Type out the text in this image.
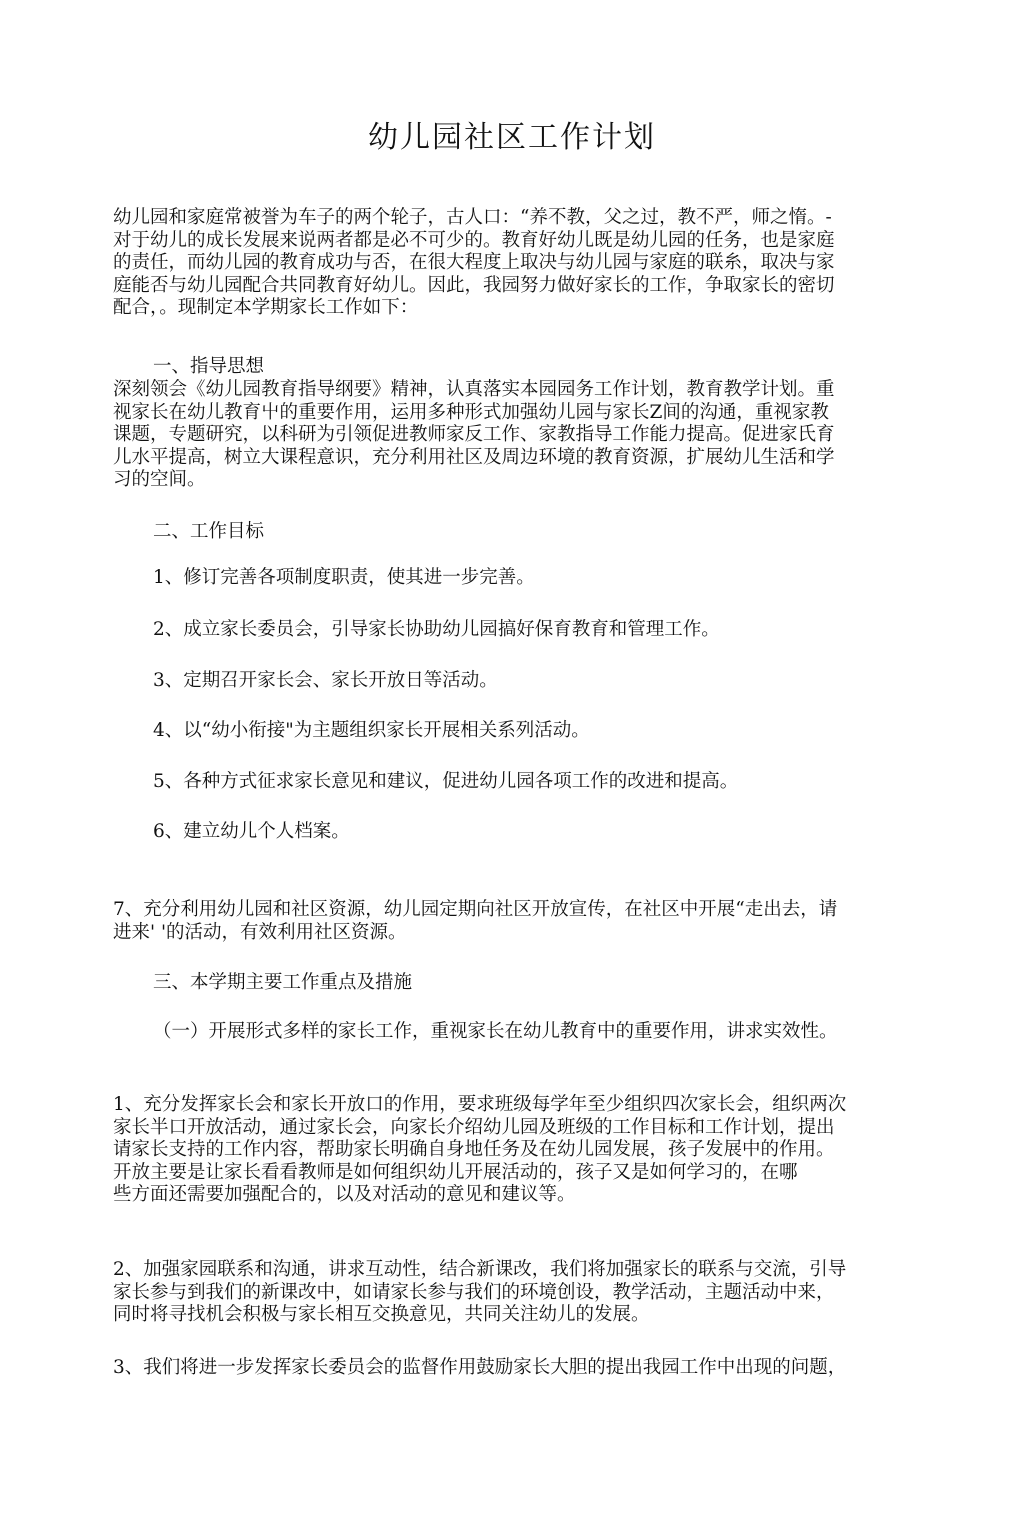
幼儿园社区工作计划
幼儿园和家庭常被誉为车子的两个轮子，古人口：“养不教，父之过，教不严，师之惰。-
对于幼儿的成长发展来说两者都是必不可少的。教育好幼儿既是幼儿园的任务，也是家庭
的责任，而幼儿园的教育成功与否，在很大程度上取决与幼儿园与家庭的联糸，取决与家
庭能否与幼儿园配合共同教育好幼儿。因此，我园努力做好家长的工作，争取家长的密切
配合，。现制定本学期家长工作如下：
一、指导思想
深刻领会《幼儿园教育指导纲要》精神，认真落实本园园务工作计划，教育教学计划。重
视家长在幼儿教育屮的重要作用，运用多种形式加强幼儿园与家长Z间的沟通，重视家教
课题，专题研究，以科研为引领促进教师家反工作、家教指导工作能力提高。促进家氏育
儿水平提高，树立大课程意识，充分利用社区及周边环境的教育资源，扩展幼儿生活和学
习的空间。
二、工作目标
1、修订完善各项制度职责，使其进一步完善。
2、成立家长委员会，引导家长协助幼儿园搞好保育教育和管理工作。
3、定期召开家长会、家长开放日等活动。
4、以“幼小衔接"为主题组织家长开展相关系列活动。
5、各种方式征求家长意见和建议，促进幼儿园各项工作的改进和提高。
6、建立幼儿个人档案。
7、充分利用幼儿园和社区资源，幼儿园定期向社区开放宣传，在社区中开展“走出去，请
进来' '的活动，有效利用社区资源。
三、本学期主要工作重点及措施
（一）开展形式多样的家长工作，重视家长在幼儿教育中的重要作用，讲求实效性。
1、充分发挥家长会和家长开放口的作用，要求班级每学年至少组织四次家长会，组织两次
家长半口开放活动，通过家长会，向家长介绍幼儿园及班级的工作目标和工作计划，提出
请家长支持的工作内容，帮助家长明确自身地任务及在幼儿园发展，孩子发展中的作用。
开放主要是让家长看看教师是如何组织幼儿开展活动的，孩子又是如何学习的，在哪
些方面还需要加强配合的，以及对活动的意见和建议等。
2、加强家园联系和沟通，讲求互动性，结合新课改，我们将加强家长的联系与交流，引导
家长参与到我们的新课改中，如请家长参与我们的环境创设，教学活动，主题活动中来，
同时将寻找机会积极与家长相互交换意见，共同关注幼儿的发展。
3、我们将进一步发挥家长委员会的监督作用鼓励家长大胆的提出我园工作中出现的问题，
